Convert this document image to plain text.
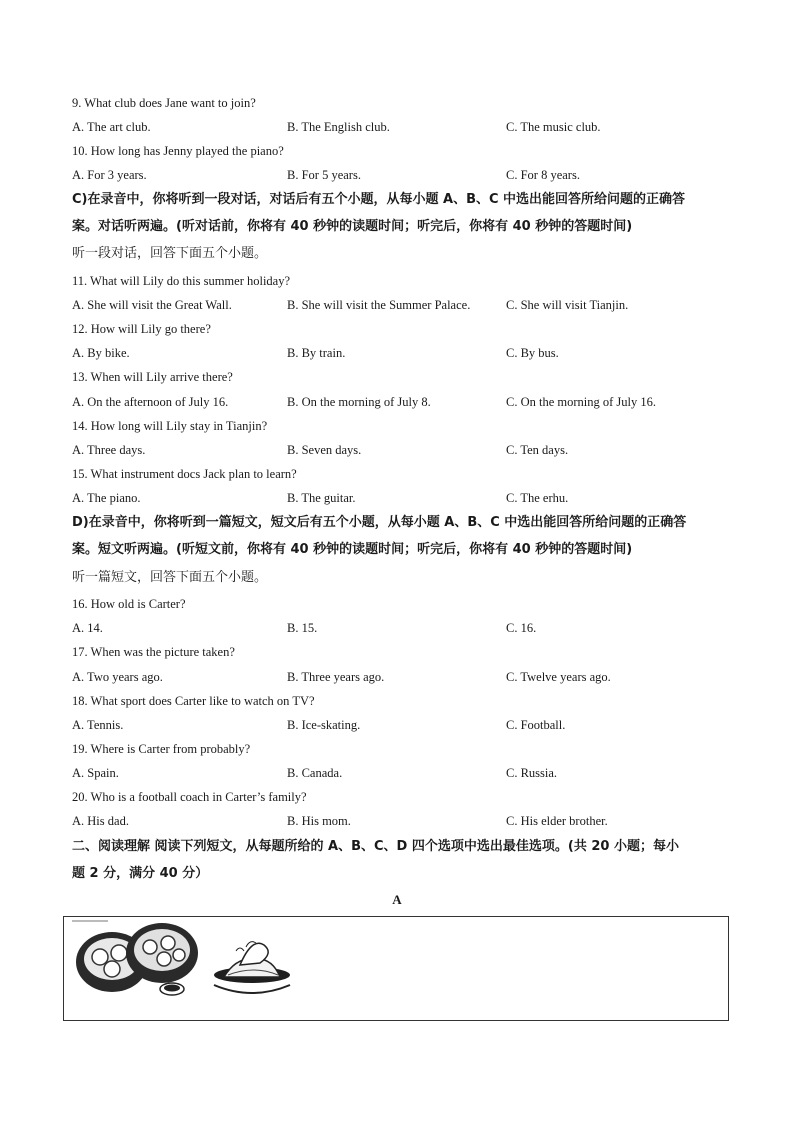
9. What club does Jane want to join?
A. The art club.	B. The English club.	C. The music club.
10. How long has Jenny played the piano?
A. For 3 years.	B. For 5 years.	C. For 8 years.
C)在录音中，你将听到一段对话，对话后有五个小题，从每小题 A、B、C 中选出能回答所给问题的正确答
案。对话听两遍。(听对话前，你将有 40 秒钟的读题时间；听完后，你将有 40 秒钟的答题时间)
听一段对话，回答下面五个小题。
11. What will Lily do this summer holiday?
A. She will visit the Great Wall.	B. She will visit the Summer Palace.	C. She will visit Tianjin.
12. How will Lily go there?
A. By bike.	B. By train.	C. By bus.
13. When will Lily arrive there?
A. On the afternoon of July 16.	B. On the morning of July 8.	C. On the morning of July 16.
14. How long will Lily stay in Tianjin?
A. Three days.	B. Seven days.	C. Ten days.
15. What instrument docs Jack plan to learn?
A. The piano.	B. The guitar.	C. The erhu.
D)在录音中，你将听到一篇短文，短文后有五个小题，从每小题 A、B、C 中选出能回答所给问题的正确答
案。短文听两遍。(听短文前，你将有 40 秒钟的读题时间；听完后，你将有 40 秒钟的答题时间)
听一篇短文，回答下面五个小题。
16. How old is Carter?
A. 14.	B. 15.	C. 16.
17. When was the picture taken?
A. Two years ago.	B. Three years ago.	C. Twelve years ago.
18. What sport does Carter like to watch on TV?
A. Tennis.	B. Ice-skating.	C. Football.
19. Where is Carter from probably?
A. Spain.	B. Canada.	C. Russia.
20. Who is a football coach in Carter’s family?
A. His dad.	B. His mom.	C. His elder brother.
二、阅读理解 阅读下列短文，从每题所给的 A、B、C、D 四个选项中选出最佳选项。(共 20 小题；每小
题 2 分，满分 40 分）
A
